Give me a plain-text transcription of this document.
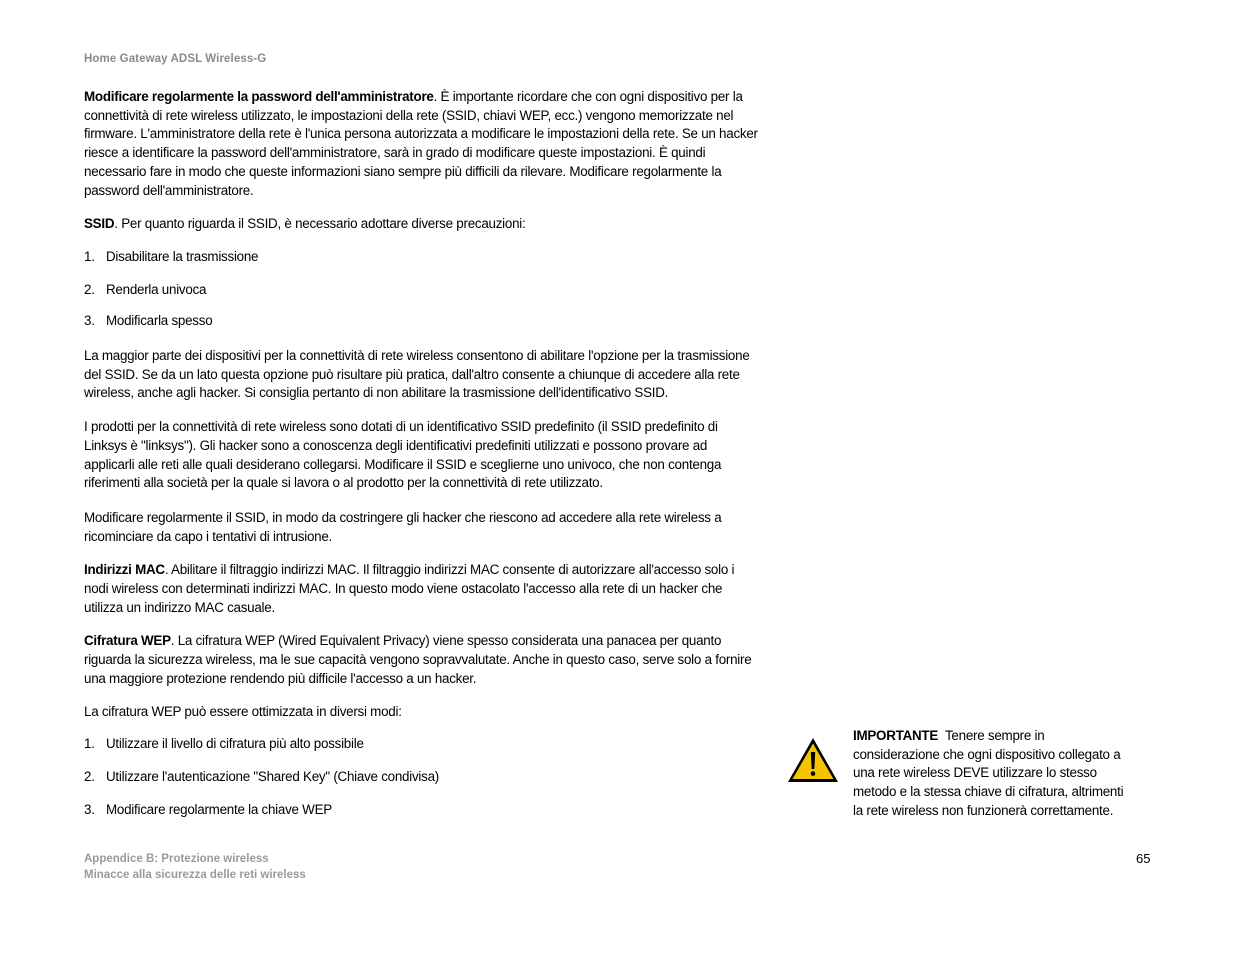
Home Gateway ADSL Wireless-G

Modificare regolarmente la password dell'amministratore. È importante ricordare che con ogni dispositivo per la connettività di rete wireless utilizzato, le impostazioni della rete (SSID, chiavi WEP, ecc.) vengono memorizzate nel firmware. L'amministratore della rete è l'unica persona autorizzata a modificare le impostazioni della rete. Se un hacker riesce a identificare la password dell'amministratore, sarà in grado di modificare queste impostazioni. È quindi necessario fare in modo che queste informazioni siano sempre più difficili da rilevare. Modificare regolarmente la password dell'amministratore.

SSID. Per quanto riguarda il SSID, è necessario adottare diverse precauzioni:

1. Disabilitare la trasmissione

2. Renderla univoca

3. Modificarla spesso

La maggior parte dei dispositivi per la connettività di rete wireless consentono di abilitare l'opzione per la trasmissione del SSID. Se da un lato questa opzione può risultare più pratica, dall'altro consente a chiunque di accedere alla rete wireless, anche agli hacker. Si consiglia pertanto di non abilitare la trasmissione dell'identificativo SSID.

I prodotti per la connettività di rete wireless sono dotati di un identificativo SSID predefinito (il SSID predefinito di Linksys è "linksys"). Gli hacker sono a conoscenza degli identificativi predefiniti utilizzati e possono provare ad applicarli alle reti alle quali desiderano collegarsi. Modificare il SSID e sceglierne uno univoco, che non contenga riferimenti alla società per la quale si lavora o al prodotto per la connettività di rete utilizzato.

Modificare regolarmente il SSID, in modo da costringere gli hacker che riescono ad accedere alla rete wireless a ricominciare da capo i tentativi di intrusione.

Indirizzi MAC. Abilitare il filtraggio indirizzi MAC. Il filtraggio indirizzi MAC consente di autorizzare all'accesso solo i nodi wireless con determinati indirizzi MAC. In questo modo viene ostacolato l'accesso alla rete di un hacker che utilizza un indirizzo MAC casuale.

Cifratura WEP. La cifratura WEP (Wired Equivalent Privacy) viene spesso considerata una panacea per quanto riguarda la sicurezza wireless, ma le sue capacità vengono sopravvalutate. Anche in questo caso, serve solo a fornire una maggiore protezione rendendo più difficile l'accesso a un hacker.

La cifratura WEP può essere ottimizzata in diversi modi:

1. Utilizzare il livello di cifratura più alto possibile

2. Utilizzare l'autenticazione "Shared Key" (Chiave condivisa)

3. Modificare regolarmente la chiave WEP

IMPORTANTE Tenere sempre in considerazione che ogni dispositivo collegato a una rete wireless DEVE utilizzare lo stesso metodo e la stessa chiave di cifratura, altrimenti la rete wireless non funzionerà correttamente.
Appendice B: Protezione wireless
Minacce alla sicurezza delle reti wireless
65
